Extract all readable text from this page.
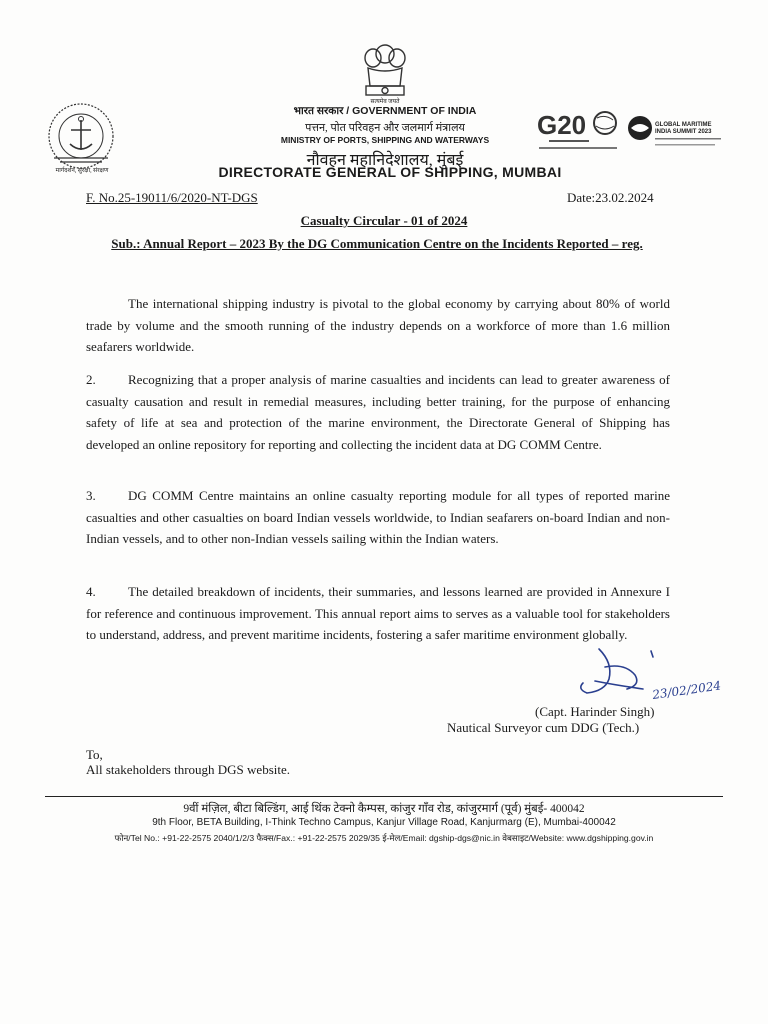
सत्यमेव जयते
मार्गदर्शन, सुरक्षा, संरक्षण
G20	GLOBAL MARITIME INDIA SUMMIT 2023
भारत सरकार / GOVERNMENT OF INDIA
पत्तन, पोत परिवहन और जलमार्ग मंत्रालय
MINISTRY OF PORTS, SHIPPING AND WATERWAYS
नौवहन महानिदेशालय, मुंबई
DIRECTORATE GENERAL OF SHIPPING, MUMBAI
F. No.25-19011/6/2020-NT-DGS	Date:23.02.2024
Casualty Circular - 01 of 2024
Sub.: Annual Report – 2023 By the DG Communication Centre on the Incidents Reported – reg.
The international shipping industry is pivotal to the global economy by carrying about 80% of world trade by volume and the smooth running of the industry depends on a workforce of more than 1.6 million seafarers worldwide.
2. Recognizing that a proper analysis of marine casualties and incidents can lead to greater awareness of casualty causation and result in remedial measures, including better training, for the purpose of enhancing safety of life at sea and protection of the marine environment, the Directorate General of Shipping has developed an online repository for reporting and collecting the incident data at DG COMM Centre.
3. DG COMM Centre maintains an online casualty reporting module for all types of reported marine casualties and other casualties on board Indian vessels worldwide, to Indian seafarers on-board Indian and non-Indian vessels, and to other non-Indian vessels sailing within the Indian waters.
4. The detailed breakdown of incidents, their summaries, and lessons learned are provided in Annexure I for reference and continuous improvement. This annual report aims to serves as a valuable tool for stakeholders to understand, address, and prevent maritime incidents, fostering a safer maritime environment globally.
23/02/2024
(Capt. Harinder Singh)
Nautical Surveyor cum DDG (Tech.)
To,
All stakeholders through DGS website.
9वीं मंज़िल, बीटा बिल्डिंग, आई थिंक टेक्नो कैम्पस, कांजुर गाँव रोड, कांजुरमार्ग (पूर्व) मुंबई- 400042
9th Floor, BETA Building, I-Think Techno Campus, Kanjur Village Road, Kanjurmarg (E), Mumbai-400042
फोन/Tel No.: +91-22-2575 2040/1/2/3 फैक्स/Fax.: +91-22-2575 2029/35 ई-मेल/Email: dgship-dgs@nic.in वेबसाइट/Website: www.dgshipping.gov.in
